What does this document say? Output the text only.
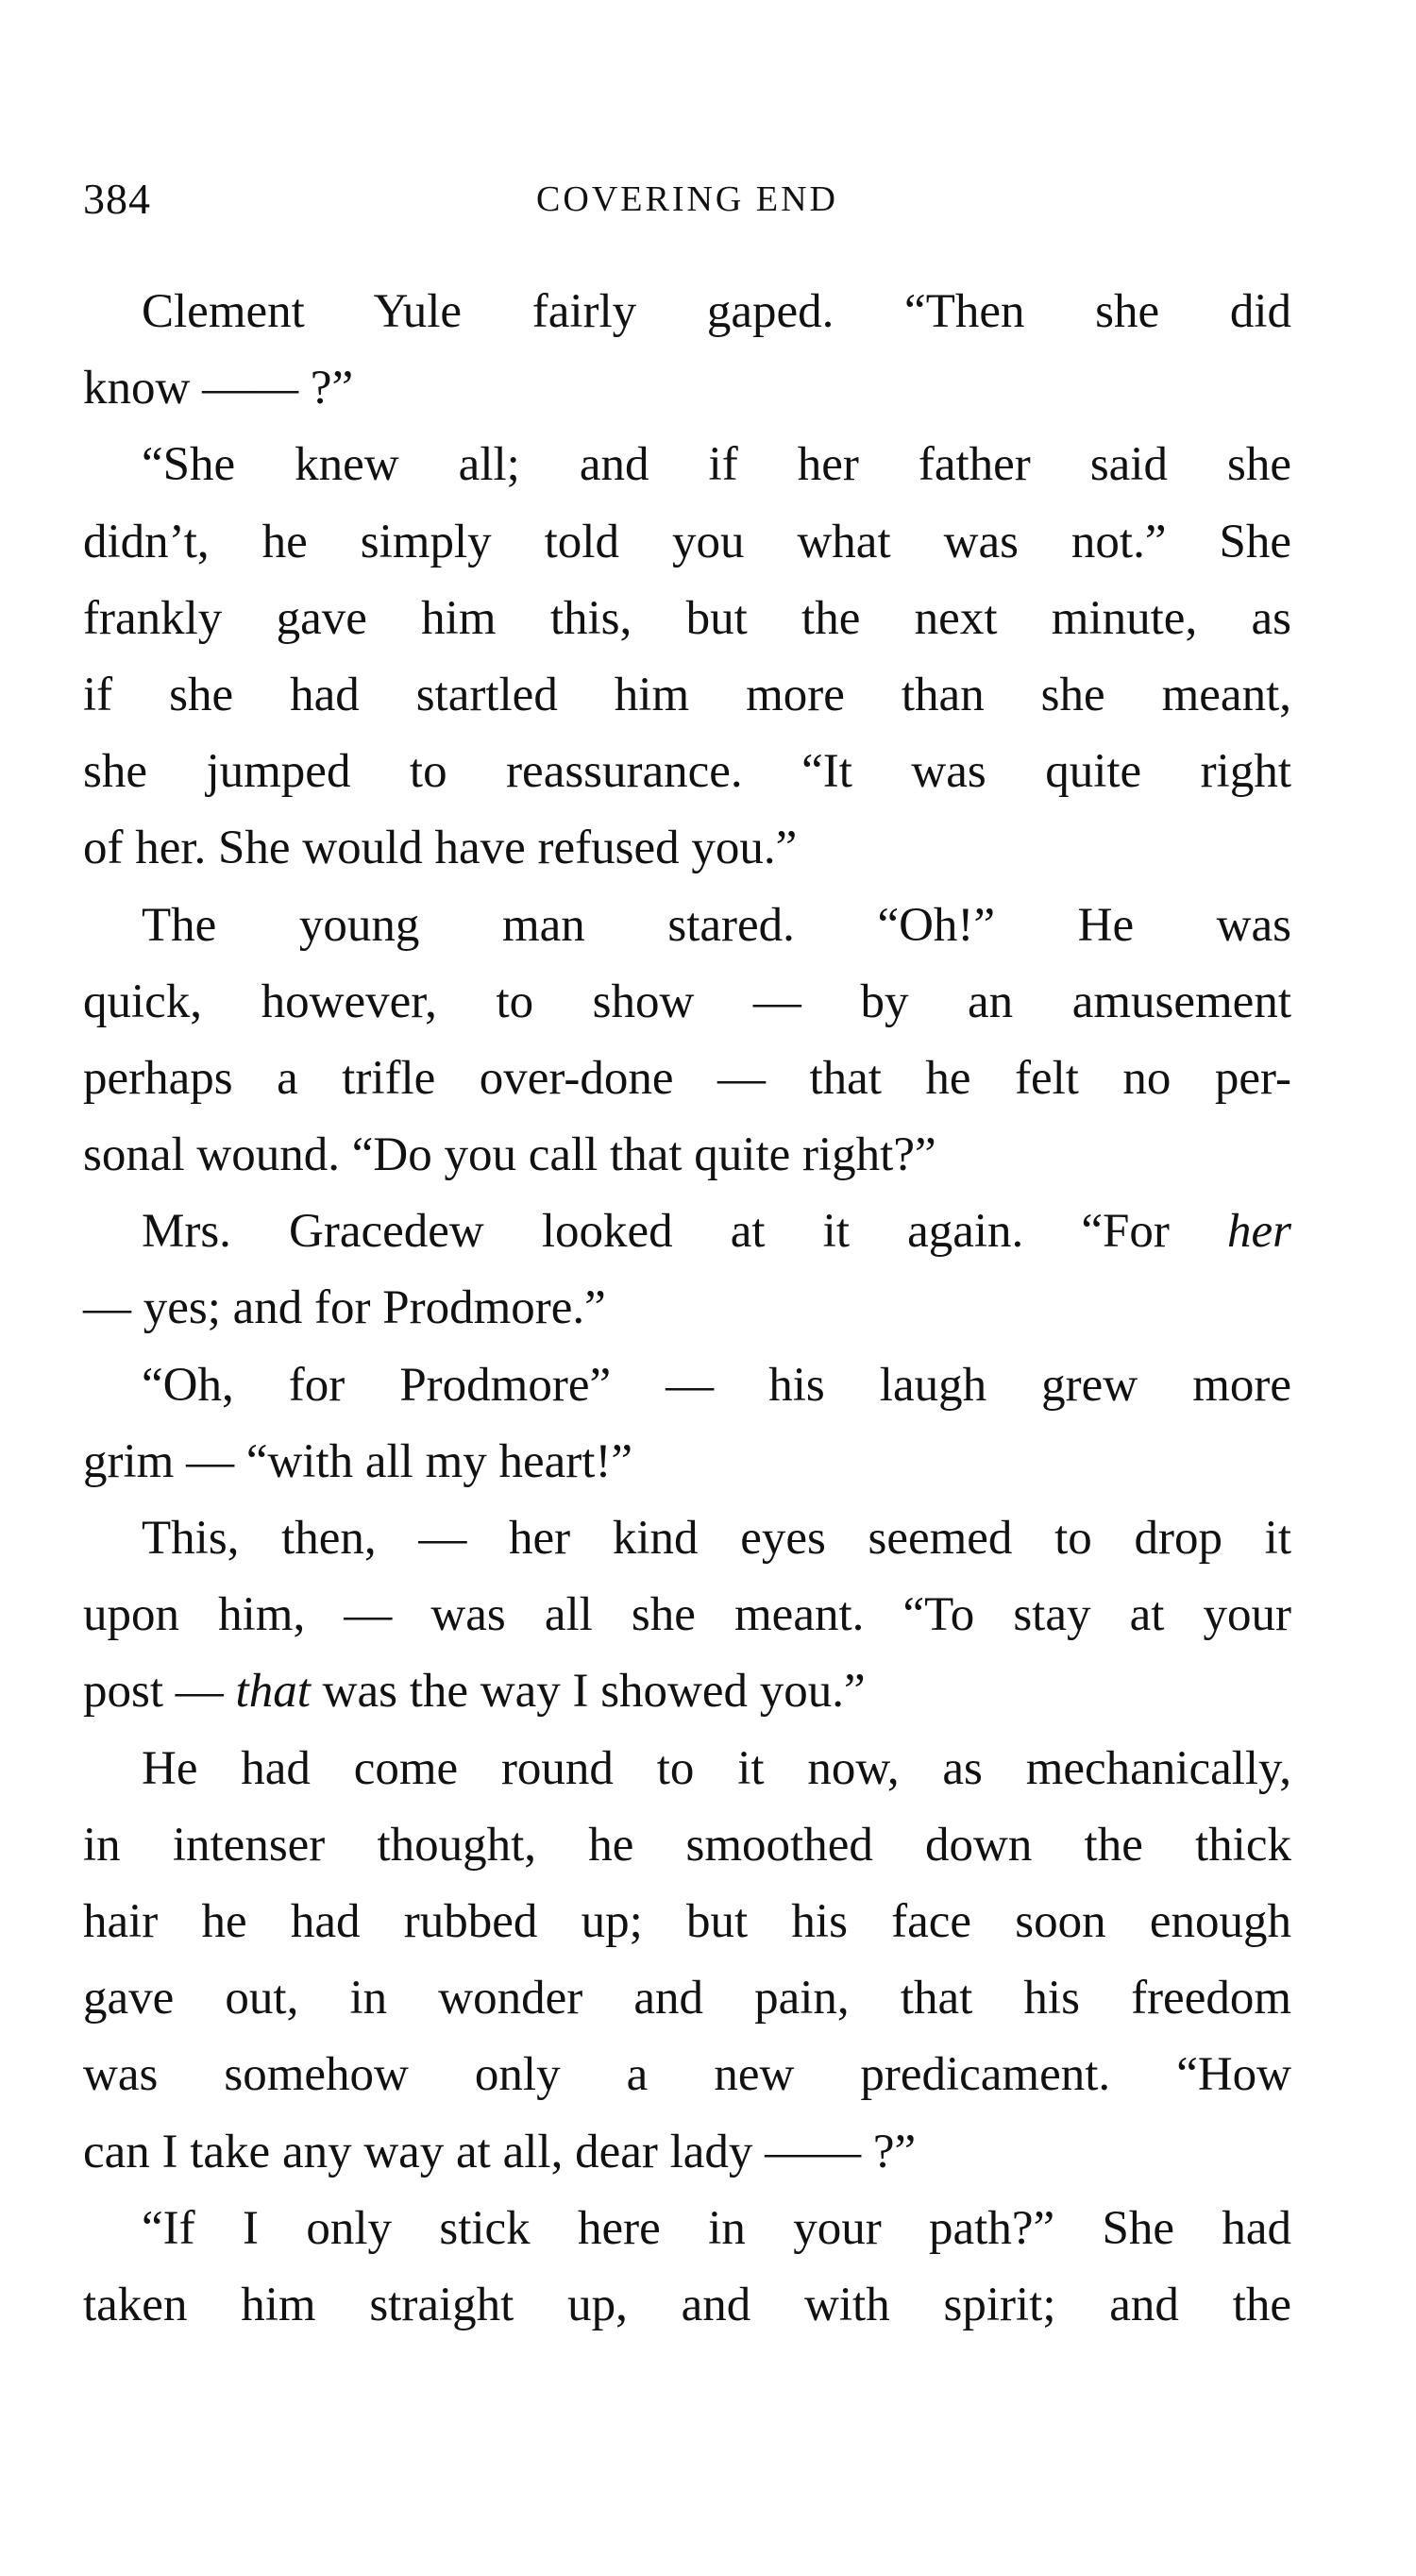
384	COVERING END
Clement Yule fairly gaped. “Then she did
know —— ?”
“She knew all; and if her father said she
didn’t, he simply told you what was not.” She
frankly gave him this, but the next minute, as
if she had startled him more than she meant,
she jumped to reassurance. “It was quite right
of her. She would have refused you.”
The young man stared. “Oh!” He was
quick, however, to show — by an amusement
perhaps a trifle over-done — that he felt no per-
sonal wound. “Do you call that quite right?”
Mrs. Gracedew looked at it again. “For her
— yes; and for Prodmore.”
“Oh, for Prodmore” — his laugh grew more
grim — “with all my heart!”
This, then, — her kind eyes seemed to drop it
upon him, — was all she meant. “To stay at your
post — that was the way I showed you.”
He had come round to it now, as mechanically,
in intenser thought, he smoothed down the thick
hair he had rubbed up; but his face soon enough
gave out, in wonder and pain, that his freedom
was somehow only a new predicament. “How
can I take any way at all, dear lady —— ?”
“If I only stick here in your path?” She had
taken him straight up, and with spirit; and the
